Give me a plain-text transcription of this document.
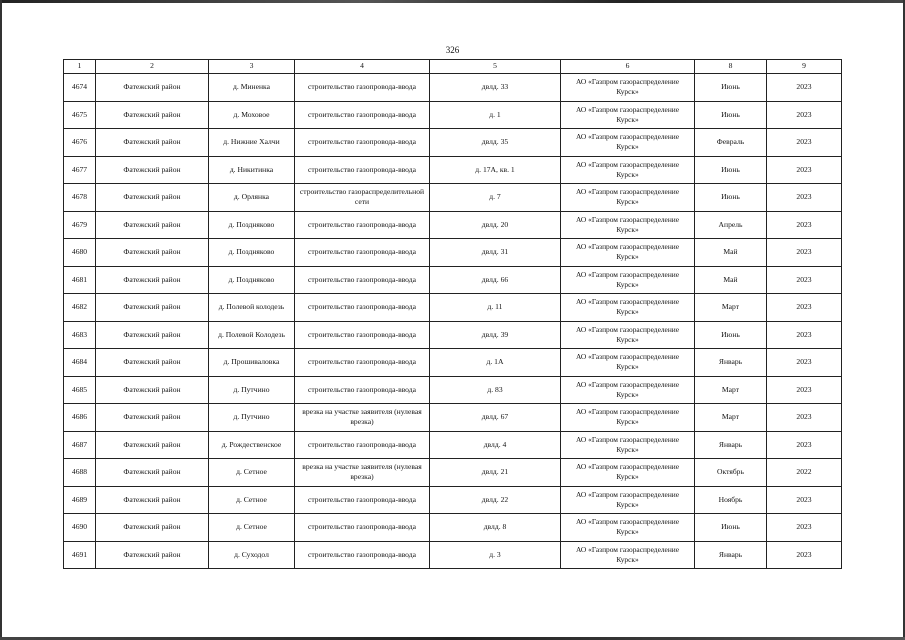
326
1	2	3	4	5	6	8	9
4674	Фатежский район	д. Миненка	строительство газопровода-ввода	двлд. 33	АО «Газпром газораспределение Курск»	Июнь	2023
4675	Фатежский район	д. Моховое	строительство газопровода-ввода	д. 1	АО «Газпром газораспределение Курск»	Июнь	2023
4676	Фатежский район	д. Нижние Халчи	строительство газопровода-ввода	двлд. 35	АО «Газпром газораспределение Курск»	Февраль	2023
4677	Фатежский район	д. Никитинка	строительство газопровода-ввода	д. 17А, кв. 1	АО «Газпром газораспределение Курск»	Июнь	2023
4678	Фатежский район	д. Орлянка	строительство газораспределительной сети	д. 7	АО «Газпром газораспределение Курск»	Июнь	2023
4679	Фатежский район	д. Поздняково	строительство газопровода-ввода	двлд. 20	АО «Газпром газораспределение Курск»	Апрель	2023
4680	Фатежский район	д. Поздняково	строительство газопровода-ввода	двлд. 31	АО «Газпром газораспределение Курск»	Май	2023
4681	Фатежский район	д. Поздняково	строительство газопровода-ввода	двлд. 66	АО «Газпром газораспределение Курск»	Май	2023
4682	Фатежский район	д. Полевой колодезь	строительство газопровода-ввода	д. 11	АО «Газпром газораспределение Курск»	Март	2023
4683	Фатежский район	д. Полевой Колодезь	строительство газопровода-ввода	двлд. 39	АО «Газпром газораспределение Курск»	Июнь	2023
4684	Фатежский район	д. Прошиваловка	строительство газопровода-ввода	д. 1А	АО «Газпром газораспределение Курск»	Январь	2023
4685	Фатежский район	д. Путчино	строительство газопровода-ввода	д. 83	АО «Газпром газораспределение Курск»	Март	2023
4686	Фатежский район	д. Путчино	врезка на участке заявителя (нулевая врезка)	двлд. 67	АО «Газпром газораспределение Курск»	Март	2023
4687	Фатежский район	д. Рождественское	строительство газопровода-ввода	двлд. 4	АО «Газпром газораспределение Курск»	Январь	2023
4688	Фатежский район	д. Сетное	врезка на участке заявителя (нулевая врезка)	двлд. 21	АО «Газпром газораспределение Курск»	Октябрь	2022
4689	Фатежский район	д. Сетное	строительство газопровода-ввода	двлд. 22	АО «Газпром газораспределение Курск»	Ноябрь	2023
4690	Фатежский район	д. Сетное	строительство газопровода-ввода	двлд. 8	АО «Газпром газораспределение Курск»	Июнь	2023
4691	Фатежский район	д. Суходол	строительство газопровода-ввода	д. 3	АО «Газпром газораспределение Курск»	Январь	2023
